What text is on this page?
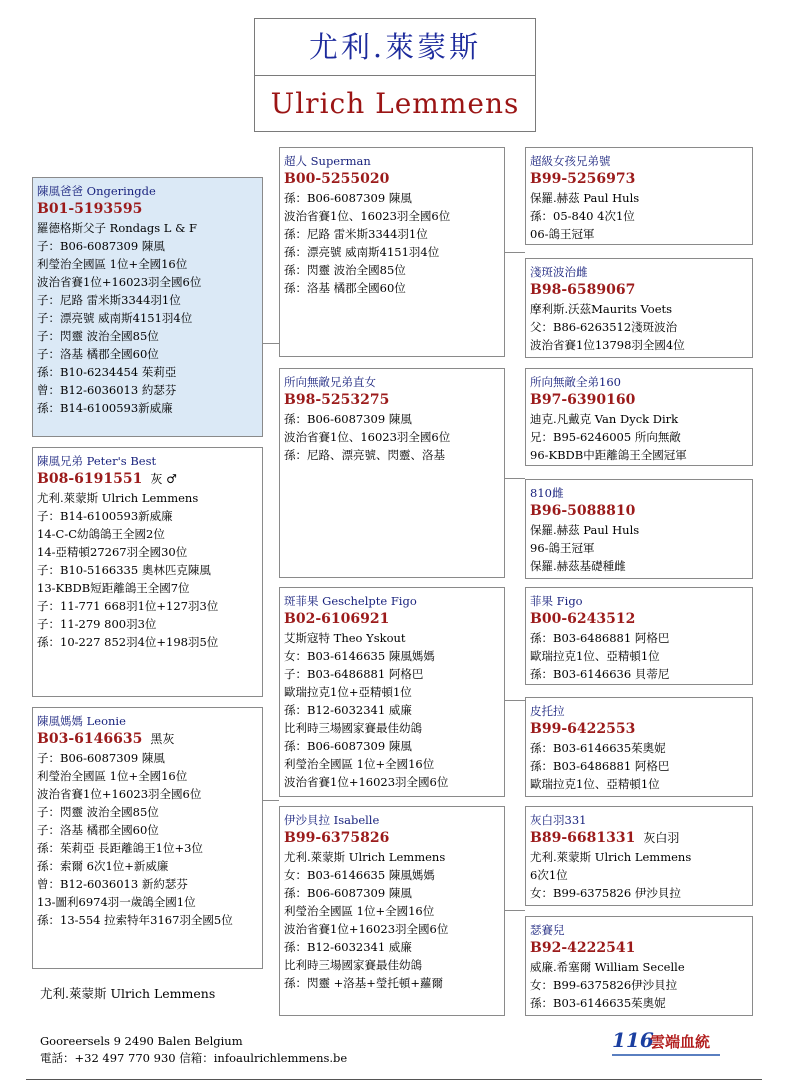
尤利.萊蒙斯
Ulrich Lemmens
陳風爸爸 Ongeringde
B01-5193595
羅德格斯父子 Rondags L & F
子：B06-6087309 陳風
利瑩治全國區 1位+全國16位
波治省賽1位+16023羽全國6位
子：尼路 雷米斯3344羽1位
子：漂亮號 威南斯4151羽4位
子：閃靈 波治全國85位
子：洛基 橘郡全國60位
孫：B10-6234454 茱莉亞
曾：B12-6036013 約瑟芬
孫：B14-6100593新威廉
陳風兄弟 Peter's Best
B08-6191551 灰 ♂
尤利.萊蒙斯 Ulrich Lemmens
子：B14-6100593新威廉
14-C-C幼鴿鴿王全國2位
14-亞精頓27267羽全國30位
子：B10-5166335 奧林匹克陳風
13-KBDB短距離鴿王全國7位
子：11-771 668羽1位+127羽3位
子：11-279 800羽3位
孫：10-227 852羽4位+198羽5位
陳風媽媽 Leonie
B03-6146635 黑灰
子：B06-6087309 陳風
利瑩治全國區 1位+全國16位
波治省賽1位+16023羽全國6位
子：閃靈 波治全國85位
子：洛基 橘郡全國60位
孫：茱莉亞 長距離鴿王1位+3位
孫：索爾 6次1位+新威廉
曾：B12-6036013 新約瑟芬
13-圖利6974羽一歲鴿全國1位
孫：13-554 拉索特年3167羽全國5位
超人 Superman
B00-5255020
孫：B06-6087309 陳風
波治省賽1位、16023羽全國6位
孫：尼路 雷米斯3344羽1位
孫：漂亮號 威南斯4151羽4位
孫：閃靈 波治全國85位
孫：洛基 橘郡全國60位
所向無敵兄弟直女
B98-5253275
孫：B06-6087309 陳風
波治省賽1位、16023羽全國6位
孫：尼路、漂亮號、閃靈、洛基
斑菲果 Geschelpte Figo
B02-6106921
艾斯寇特 Theo Yskout
女：B03-6146635 陳風媽媽
子：B03-6486881 阿格巴
歐瑞拉克1位+亞精頓1位
孫：B12-6032341 威廉
比利時三場國家賽最佳幼鴿
孫：B06-6087309 陳風
利瑩治全國區 1位+全國16位
波治省賽1位+16023羽全國6位
伊沙貝拉 Isabelle
B99-6375826
尤利.萊蒙斯 Ulrich Lemmens
女：B03-6146635 陳風媽媽
孫：B06-6087309 陳風
利瑩治全國區 1位+全國16位
波治省賽1位+16023羽全國6位
孫：B12-6032341 威廉
比利時三場國家賽最佳幼鴿
孫：閃靈 +洛基+瑩托頓+蘿爾
超級女孩兄弟號
B99-5256973
保羅.赫茲 Paul Huls
孫：05-840 4次1位
06-鴿王冠軍
淺斑波治雌
B98-6589067
摩利斯.沃茲Maurits Voets
父：B86-6263512淺斑波治
波治省賽1位13798羽全國4位
所向無敵全弟160
B97-6390160
迪克.凡戴克 Van Dyck Dirk
兄：B95-6246005 所向無敵
96-KBDB中距離鴿王全國冠軍
810雌
B96-5088810
保羅.赫茲 Paul Huls
96-鴿王冠軍
保羅.赫茲基礎種雌
菲果 Figo
B00-6243512
孫：B03-6486881 阿格巴
歐瑞拉克1位、亞精頓1位
孫：B03-6146636 貝蒂尼
皮托拉
B99-6422553
孫：B03-6146635茱奧妮
孫：B03-6486881 阿格巴
歐瑞拉克1位、亞精頓1位
灰白羽331
B89-6681331 灰白羽
尤利.萊蒙斯 Ulrich Lemmens
6次1位
女：B99-6375826 伊沙貝拉
瑟賽兒
B92-4222541
威廉.希塞爾 William Secelle
女：B99-6375826伊沙貝拉
孫：B03-6146635茱奧妮
尤利.萊蒙斯 Ulrich Lemmens
Gooreersels 9 2490 Balen Belgium
電話：+32 497 770 930 信箱：infoaulrichlemmens.be
116
雲端血統
